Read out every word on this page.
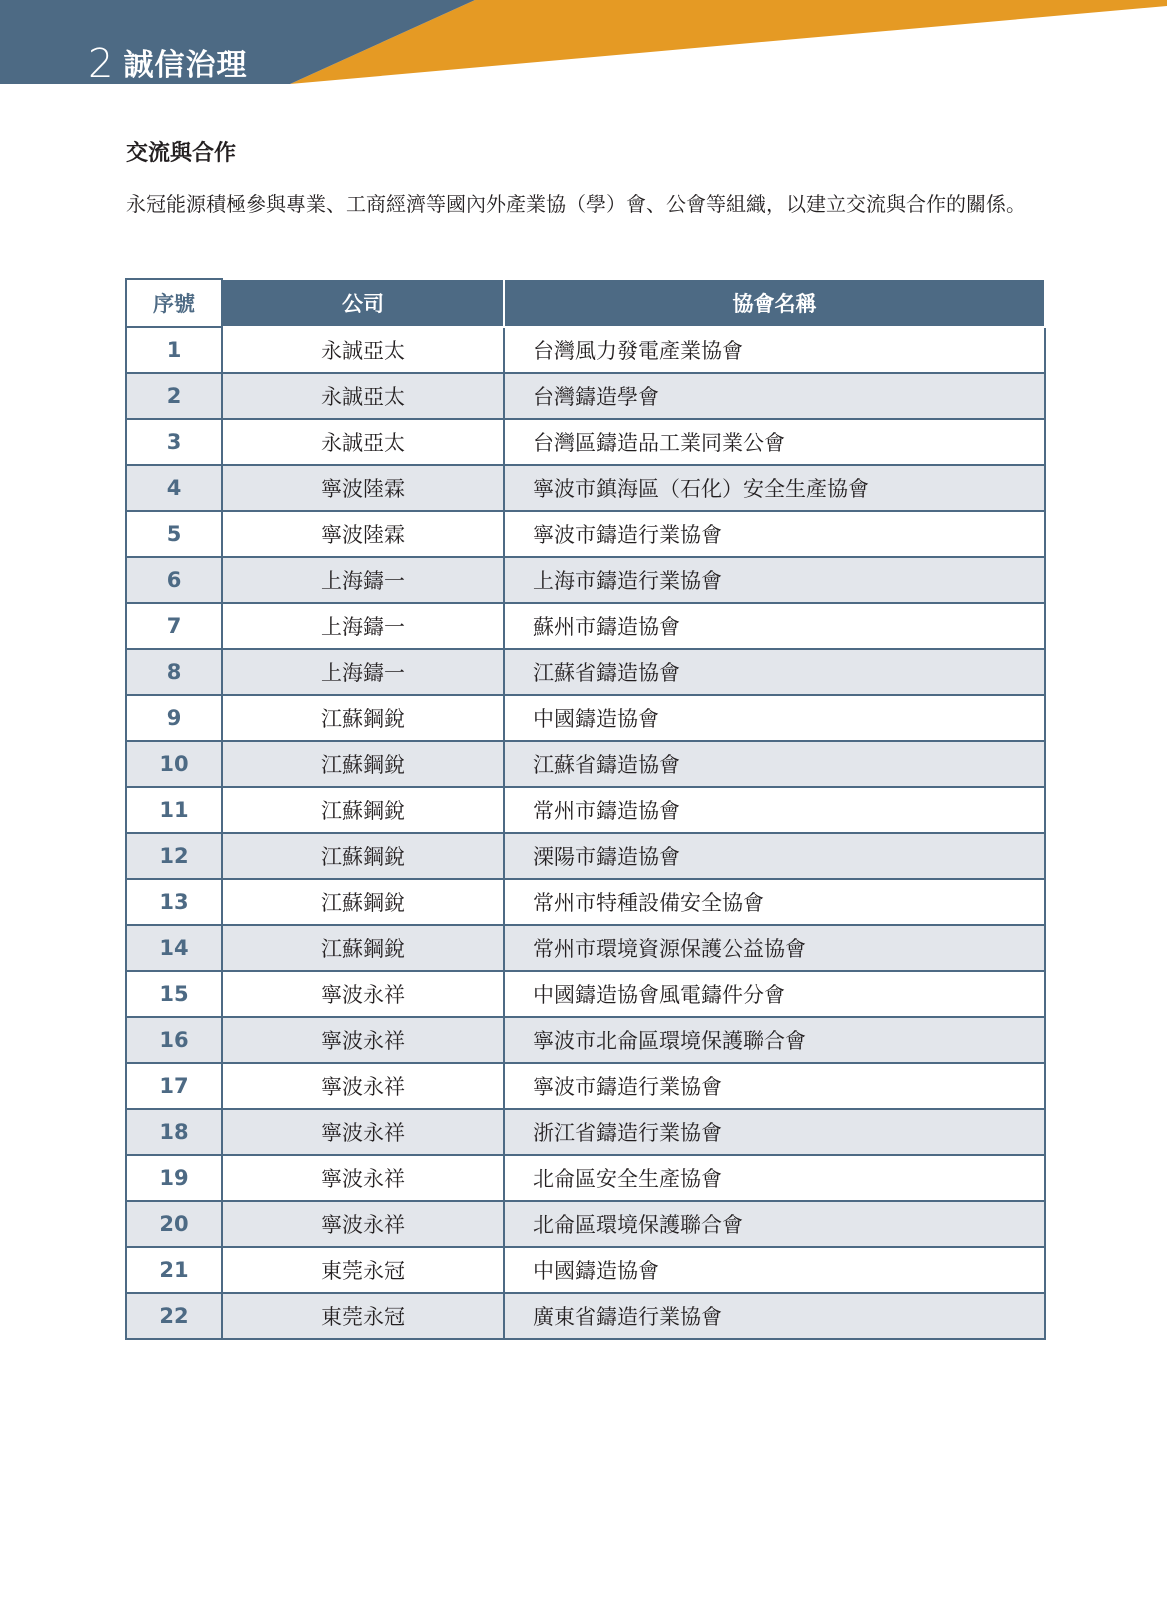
2 誠信治理
交流與合作
永冠能源積極參與專業、工商經濟等國內外產業協（學）會、公會等組織，以建立交流與合作的關係。
序號	公司	協會名稱
1	永誠亞太	台灣風力發電產業協會
2	永誠亞太	台灣鑄造學會
3	永誠亞太	台灣區鑄造品工業同業公會
4	寧波陸霖	寧波市鎮海區（石化）安全生產協會
5	寧波陸霖	寧波市鑄造行業協會
6	上海鑄一	上海市鑄造行業協會
7	上海鑄一	蘇州市鑄造協會
8	上海鑄一	江蘇省鑄造協會
9	江蘇鋼銳	中國鑄造協會
10	江蘇鋼銳	江蘇省鑄造協會
11	江蘇鋼銳	常州市鑄造協會
12	江蘇鋼銳	溧陽市鑄造協會
13	江蘇鋼銳	常州市特種設備安全協會
14	江蘇鋼銳	常州市環境資源保護公益協會
15	寧波永祥	中國鑄造協會風電鑄件分會
16	寧波永祥	寧波市北侖區環境保護聯合會
17	寧波永祥	寧波市鑄造行業協會
18	寧波永祥	浙江省鑄造行業協會
19	寧波永祥	北侖區安全生產協會
20	寧波永祥	北侖區環境保護聯合會
21	東莞永冠	中國鑄造協會
22	東莞永冠	廣東省鑄造行業協會
